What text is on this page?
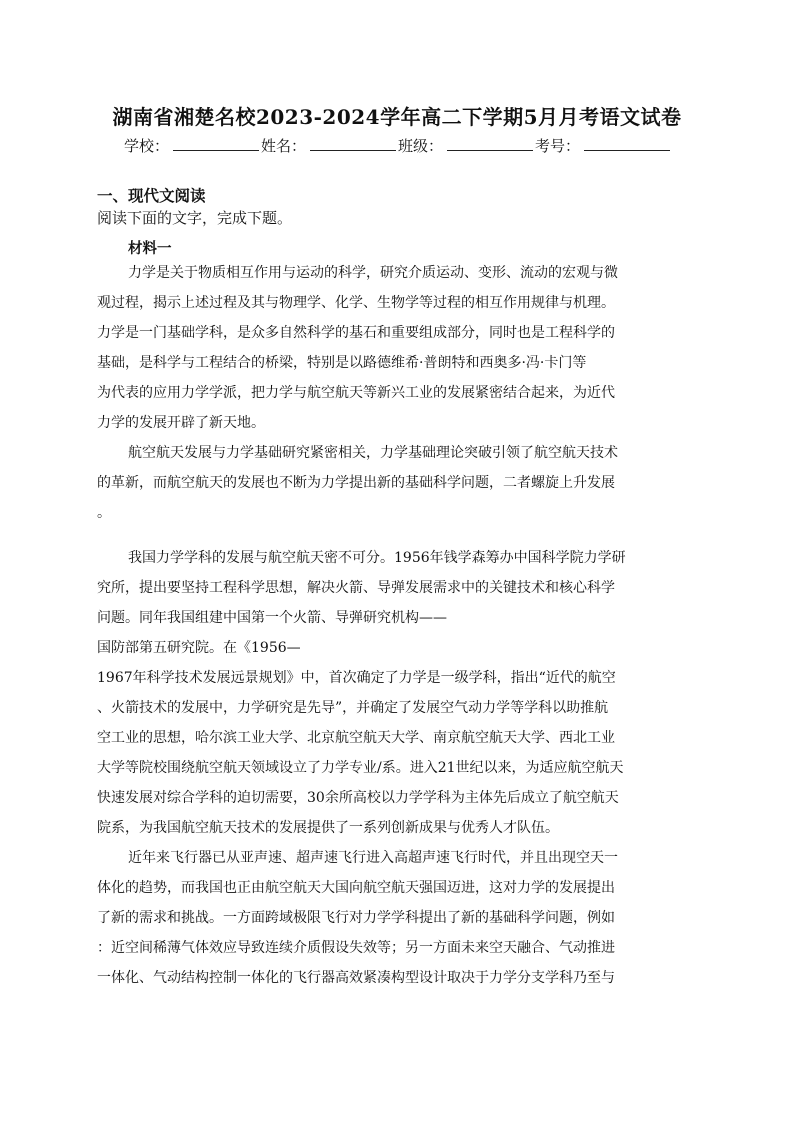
湖南省湘楚名校2023-2024学年高二下学期5月月考语文试卷
学校：	姓名：	班级：	考号：
一、现代文阅读
阅读下面的文字，完成下题。
材料一
力学是关于物质相互作用与运动的科学，研究介质运动、变形、流动的宏观与微
观过程，揭示上述过程及其与物理学、化学、生物学等过程的相互作用规律与机理。
力学是一门基础学科，是众多自然科学的基石和重要组成部分，同时也是工程科学的
基础，是科学与工程结合的桥梁，特别是以路德维希·普朗特和西奥多·冯·卡门等
为代表的应用力学学派，把力学与航空航天等新兴工业的发展紧密结合起来，为近代
力学的发展开辟了新天地。
航空航天发展与力学基础研究紧密相关，力学基础理论突破引领了航空航天技术
的革新，而航空航天的发展也不断为力学提出新的基础科学问题，二者螺旋上升发展
。
我国力学学科的发展与航空航天密不可分。1956年钱学森筹办中国科学院力学研
究所，提出要坚持工程科学思想，解决火箭、导弹发展需求中的关键技术和核心科学
问题。同年我国组建中国第一个火箭、导弹研究机构——
国防部第五研究院。在《1956—
1967年科学技术发展远景规划》中，首次确定了力学是一级学科，指出“近代的航空
、火箭技术的发展中，力学研究是先导”，并确定了发展空气动力学等学科以助推航
空工业的思想，哈尔滨工业大学、北京航空航天大学、南京航空航天大学、西北工业
大学等院校围绕航空航天领域设立了力学专业/系。进入21世纪以来，为适应航空航天
快速发展对综合学科的迫切需要，30余所高校以力学学科为主体先后成立了航空航天
院系，为我国航空航天技术的发展提供了一系列创新成果与优秀人才队伍。
近年来飞行器已从亚声速、超声速飞行进入高超声速飞行时代，并且出现空天一
体化的趋势，而我国也正由航空航天大国向航空航天强国迈进，这对力学的发展提出
了新的需求和挑战。一方面跨域极限飞行对力学学科提出了新的基础科学问题，例如
：近空间稀薄气体效应导致连续介质假设失效等；另一方面未来空天融合、气动推进
一体化、气动结构控制一体化的飞行器高效紧凑构型设计取决于力学分支学科乃至与
